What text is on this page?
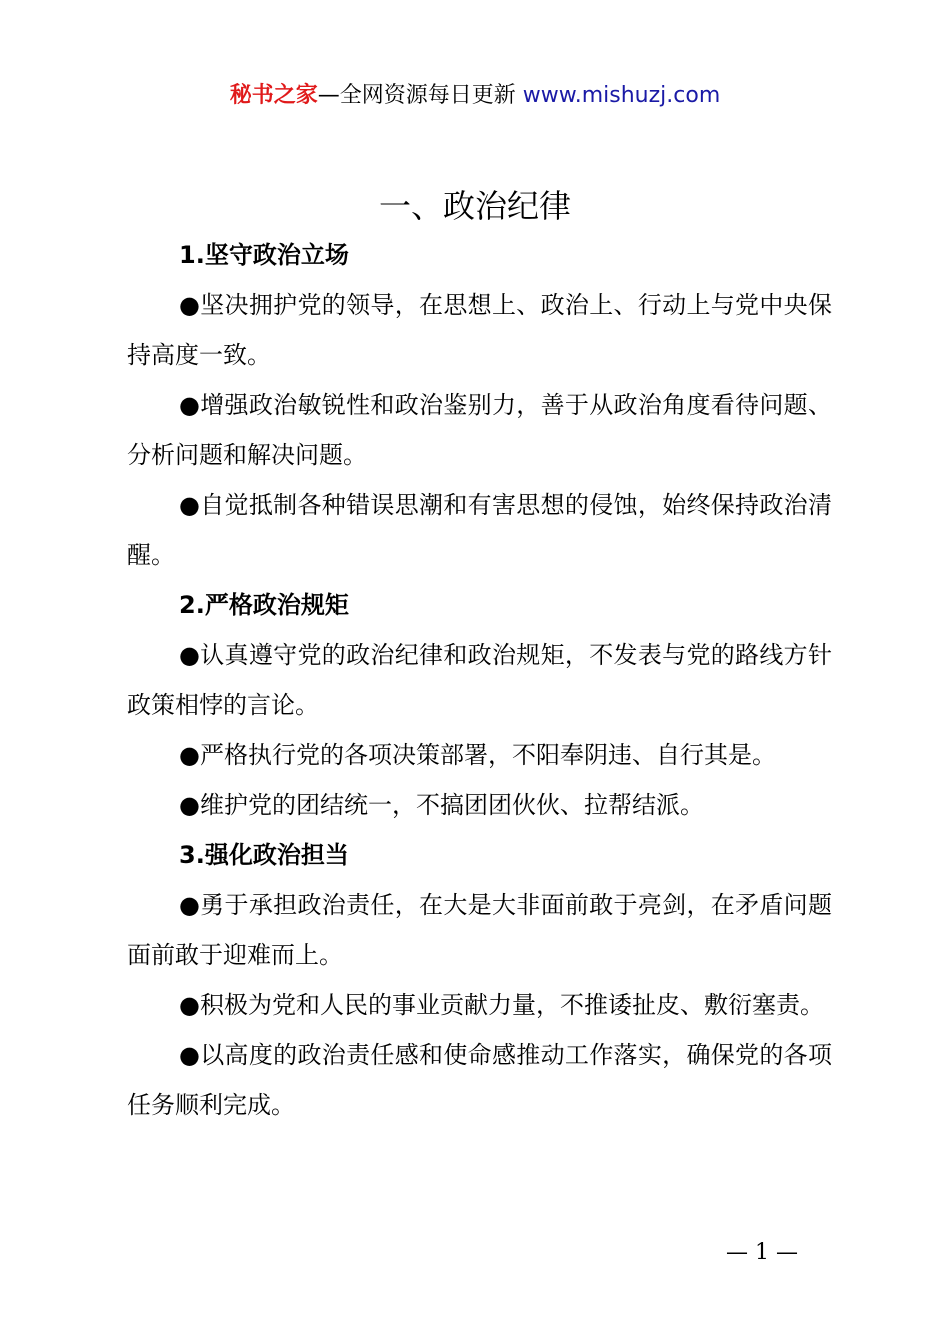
秘书之家—全网资源每日更新 www.mishuzj.com
一、政治纪律

1.坚守政治立场

●坚决拥护党的领导，在思想上、政治上、行动上与党中央保持高度一致。

●增强政治敏锐性和政治鉴别力，善于从政治角度看待问题、分析问题和解决问题。

●自觉抵制各种错误思潮和有害思想的侵蚀，始终保持政治清醒。

2.严格政治规矩

●认真遵守党的政治纪律和政治规矩，不发表与党的路线方针政策相悖的言论。

●严格执行党的各项决策部署，不阳奉阴违、自行其是。

●维护党的团结统一，不搞团团伙伙、拉帮结派。

3.强化政治担当

●勇于承担政治责任，在大是大非面前敢于亮剑，在矛盾问题面前敢于迎难而上。

●积极为党和人民的事业贡献力量，不推诿扯皮、敷衍塞责。

●以高度的政治责任感和使命感推动工作落实，确保党的各项任务顺利完成。

— 1 —
